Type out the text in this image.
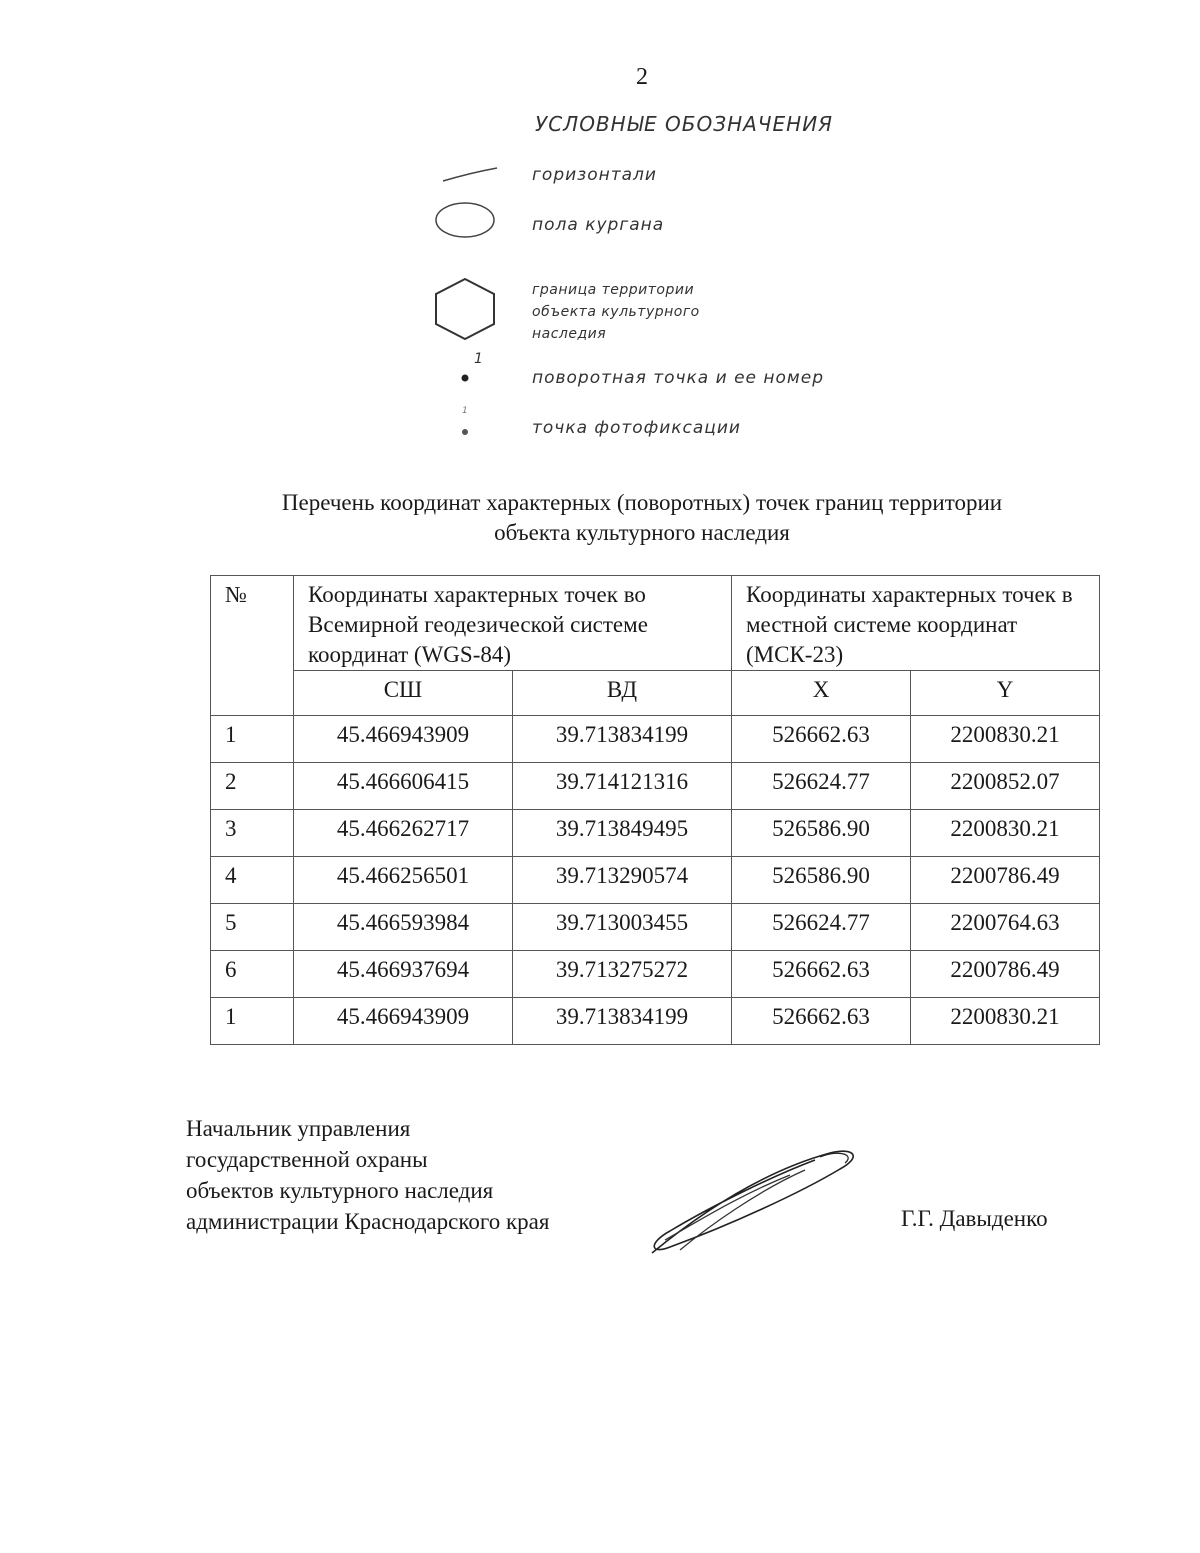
2
УСЛОВНЫЕ ОБОЗНАЧЕНИЯ
горизонтали
пола кургана
граница территории
объекта культурного
наследия
1
поворотная точка и ее номер
1
точка фотофиксации
Перечень координат характерных (поворотных) точек границ территории
объекта культурного наследия
№	Координаты характерных точек во Всемирной геодезической системе координат (WGS-84)		Координаты характерных точек в местной системе координат (МСК-23)	
	СШ	ВД	X	Y
1	45.466943909	39.713834199	526662.63	2200830.21
2	45.466606415	39.714121316	526624.77	2200852.07
3	45.466262717	39.713849495	526586.90	2200830.21
4	45.466256501	39.713290574	526586.90	2200786.49
5	45.466593984	39.713003455	526624.77	2200764.63
6	45.466937694	39.713275272	526662.63	2200786.49
1	45.466943909	39.713834199	526662.63	2200830.21
Начальник управления
государственной охраны
объектов культурного наследия
администрации Краснодарского края	Г.Г. Давыденко
